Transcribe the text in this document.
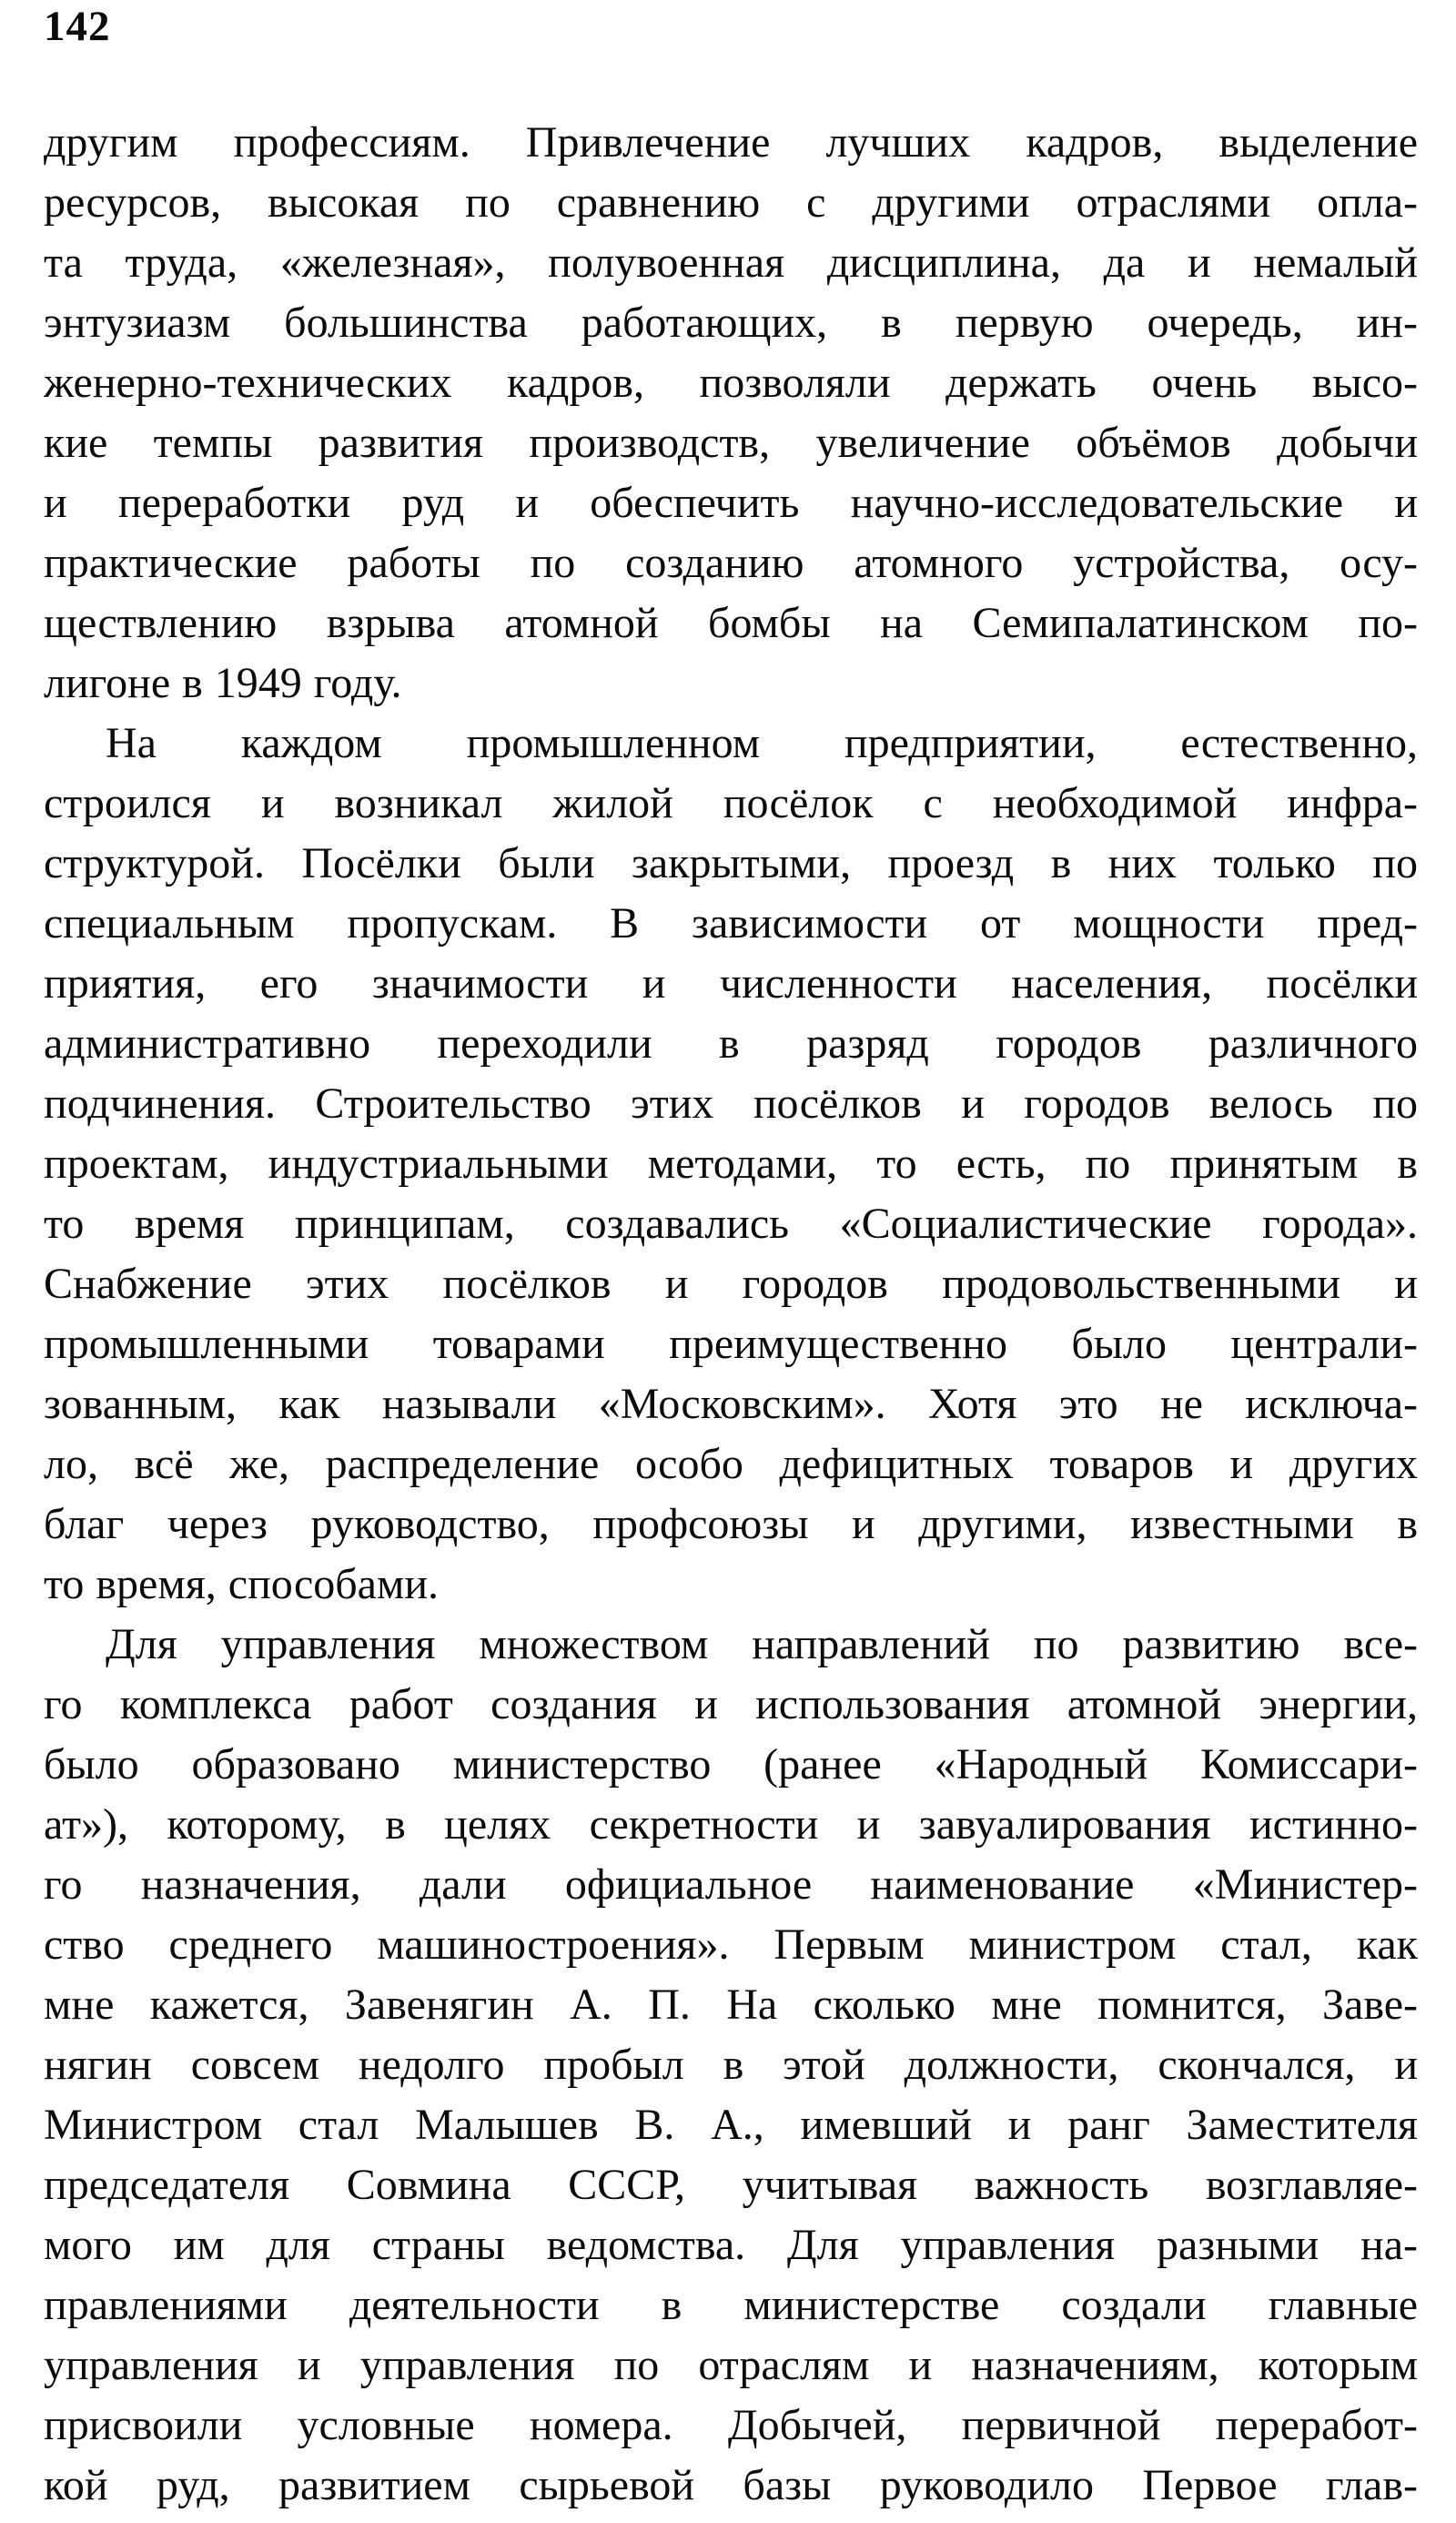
142
другим профессиям. Привлечение лучших кадров, выделение
ресурсов, высокая по сравнению с другими отраслями опла-
та труда, «железная», полувоенная дисциплина, да и немалый
энтузиазм большинства работающих, в первую очередь, ин-
женерно-технических кадров, позволяли держать очень высо-
кие темпы развития производств, увеличение объёмов добычи
и переработки руд и обеспечить научно-исследовательские и
практические работы по созданию атомного устройства, осу-
ществлению взрыва атомной бомбы на Семипалатинском по-
лигоне в 1949 году.
На каждом промышленном предприятии, естественно,
строился и возникал жилой посёлок с необходимой инфра-
структурой. Посёлки были закрытыми, проезд в них только по
специальным пропускам. В зависимости от мощности пред-
приятия, его значимости и численности населения, посёлки
административно переходили в разряд городов различного
подчинения. Строительство этих посёлков и городов велось по
проектам, индустриальными методами, то есть, по принятым в
то время принципам, создавались «Социалистические города».
Снабжение этих посёлков и городов продовольственными и
промышленными товарами преимущественно было централи-
зованным, как называли «Московским». Хотя это не исключа-
ло, всё же, распределение особо дефицитных товаров и других
благ через руководство, профсоюзы и другими, известными в
то время, способами.
Для управления множеством направлений по развитию все-
го комплекса работ создания и использования атомной энергии,
было образовано министерство (ранее «Народный Комиссари-
ат»), которому, в целях секретности и завуалирования истинно-
го назначения, дали официальное наименование «Министер-
ство среднего машиностроения». Первым министром стал, как
мне кажется, Завенягин А. П. На сколько мне помнится, Заве-
нягин совсем недолго пробыл в этой должности, скончался, и
Министром стал Малышев В. А., имевший и ранг Заместителя
председателя Совмина СССР, учитывая важность возглавляе-
мого им для страны ведомства. Для управления разными на-
правлениями деятельности в министерстве создали главные
управления и управления по отраслям и назначениям, которым
присвоили условные номера. Добычей, первичной переработ-
кой руд, развитием сырьевой базы руководило Первое глав-
